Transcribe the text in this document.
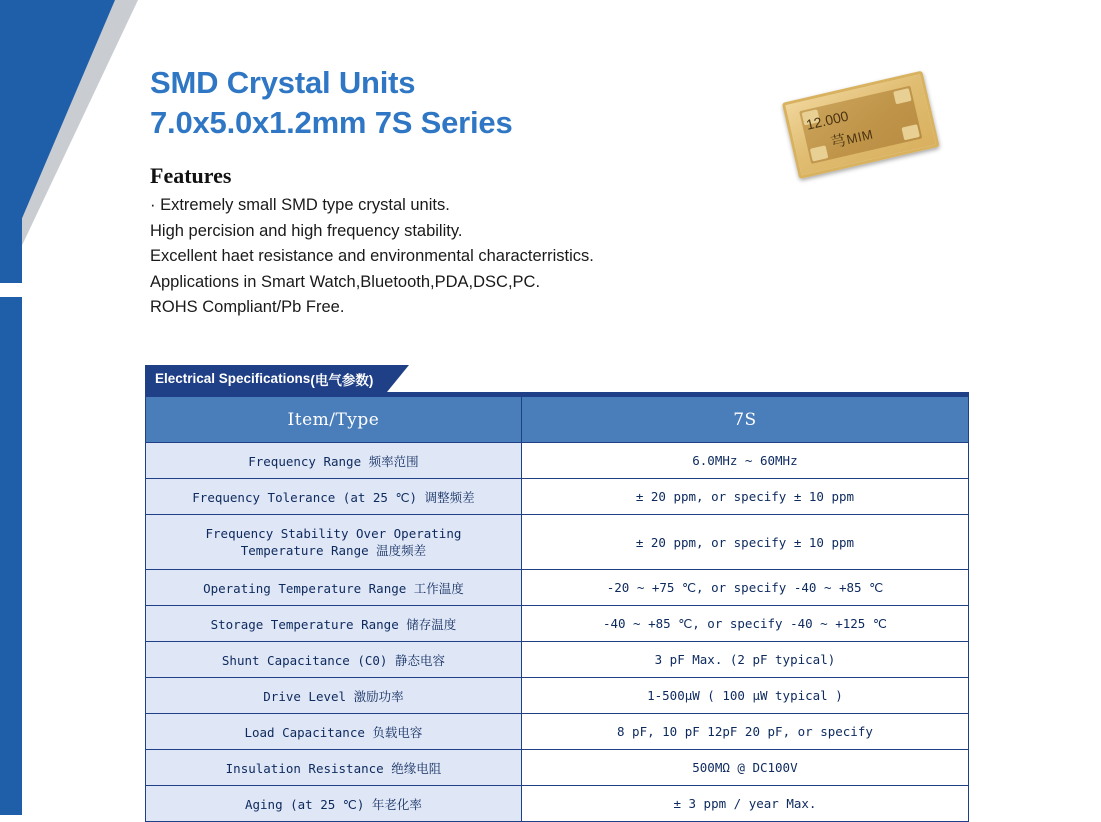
12.000
芎
MIM
SMD Crystal Units
7.0x5.0x1.2mm 7S Series
Features
· Extremely small SMD type crystal units.
High percision and high frequency stability.
Excellent haet resistance and environmental characterristics.
Applications in Smart Watch,Bluetooth,PDA,DSC,PC.
ROHS Compliant/Pb Free.
Electrical Specifications (电气参数)
Item/Type	7S
Frequency Range 频率范围	6.0MHz ~ 60MHz
Frequency Tolerance (at 25 ℃) 调整频差	± 20 ppm, or specify ± 10 ppm

Frequency Stability Over Operating
Temperature Range 温度频差	± 20 ppm, or specify ± 10 ppm
Operating Temperature Range 工作温度	-20 ~ +75 ℃, or specify -40 ~ +85 ℃
Storage Temperature Range 储存温度	-40 ~ +85 ℃, or specify -40 ~ +125 ℃
Shunt Capacitance (C0) 静态电容	3 pF Max. (2 pF typical)
Drive Level 激励功率	1-500μW ( 100 μW typical )
Load Capacitance 负载电容	8 pF, 10 pF 12pF 20 pF, or specify
Insulation Resistance 绝缘电阻	500MΩ @ DC100V
Aging (at 25 ℃) 年老化率	± 3 ppm / year Max.
